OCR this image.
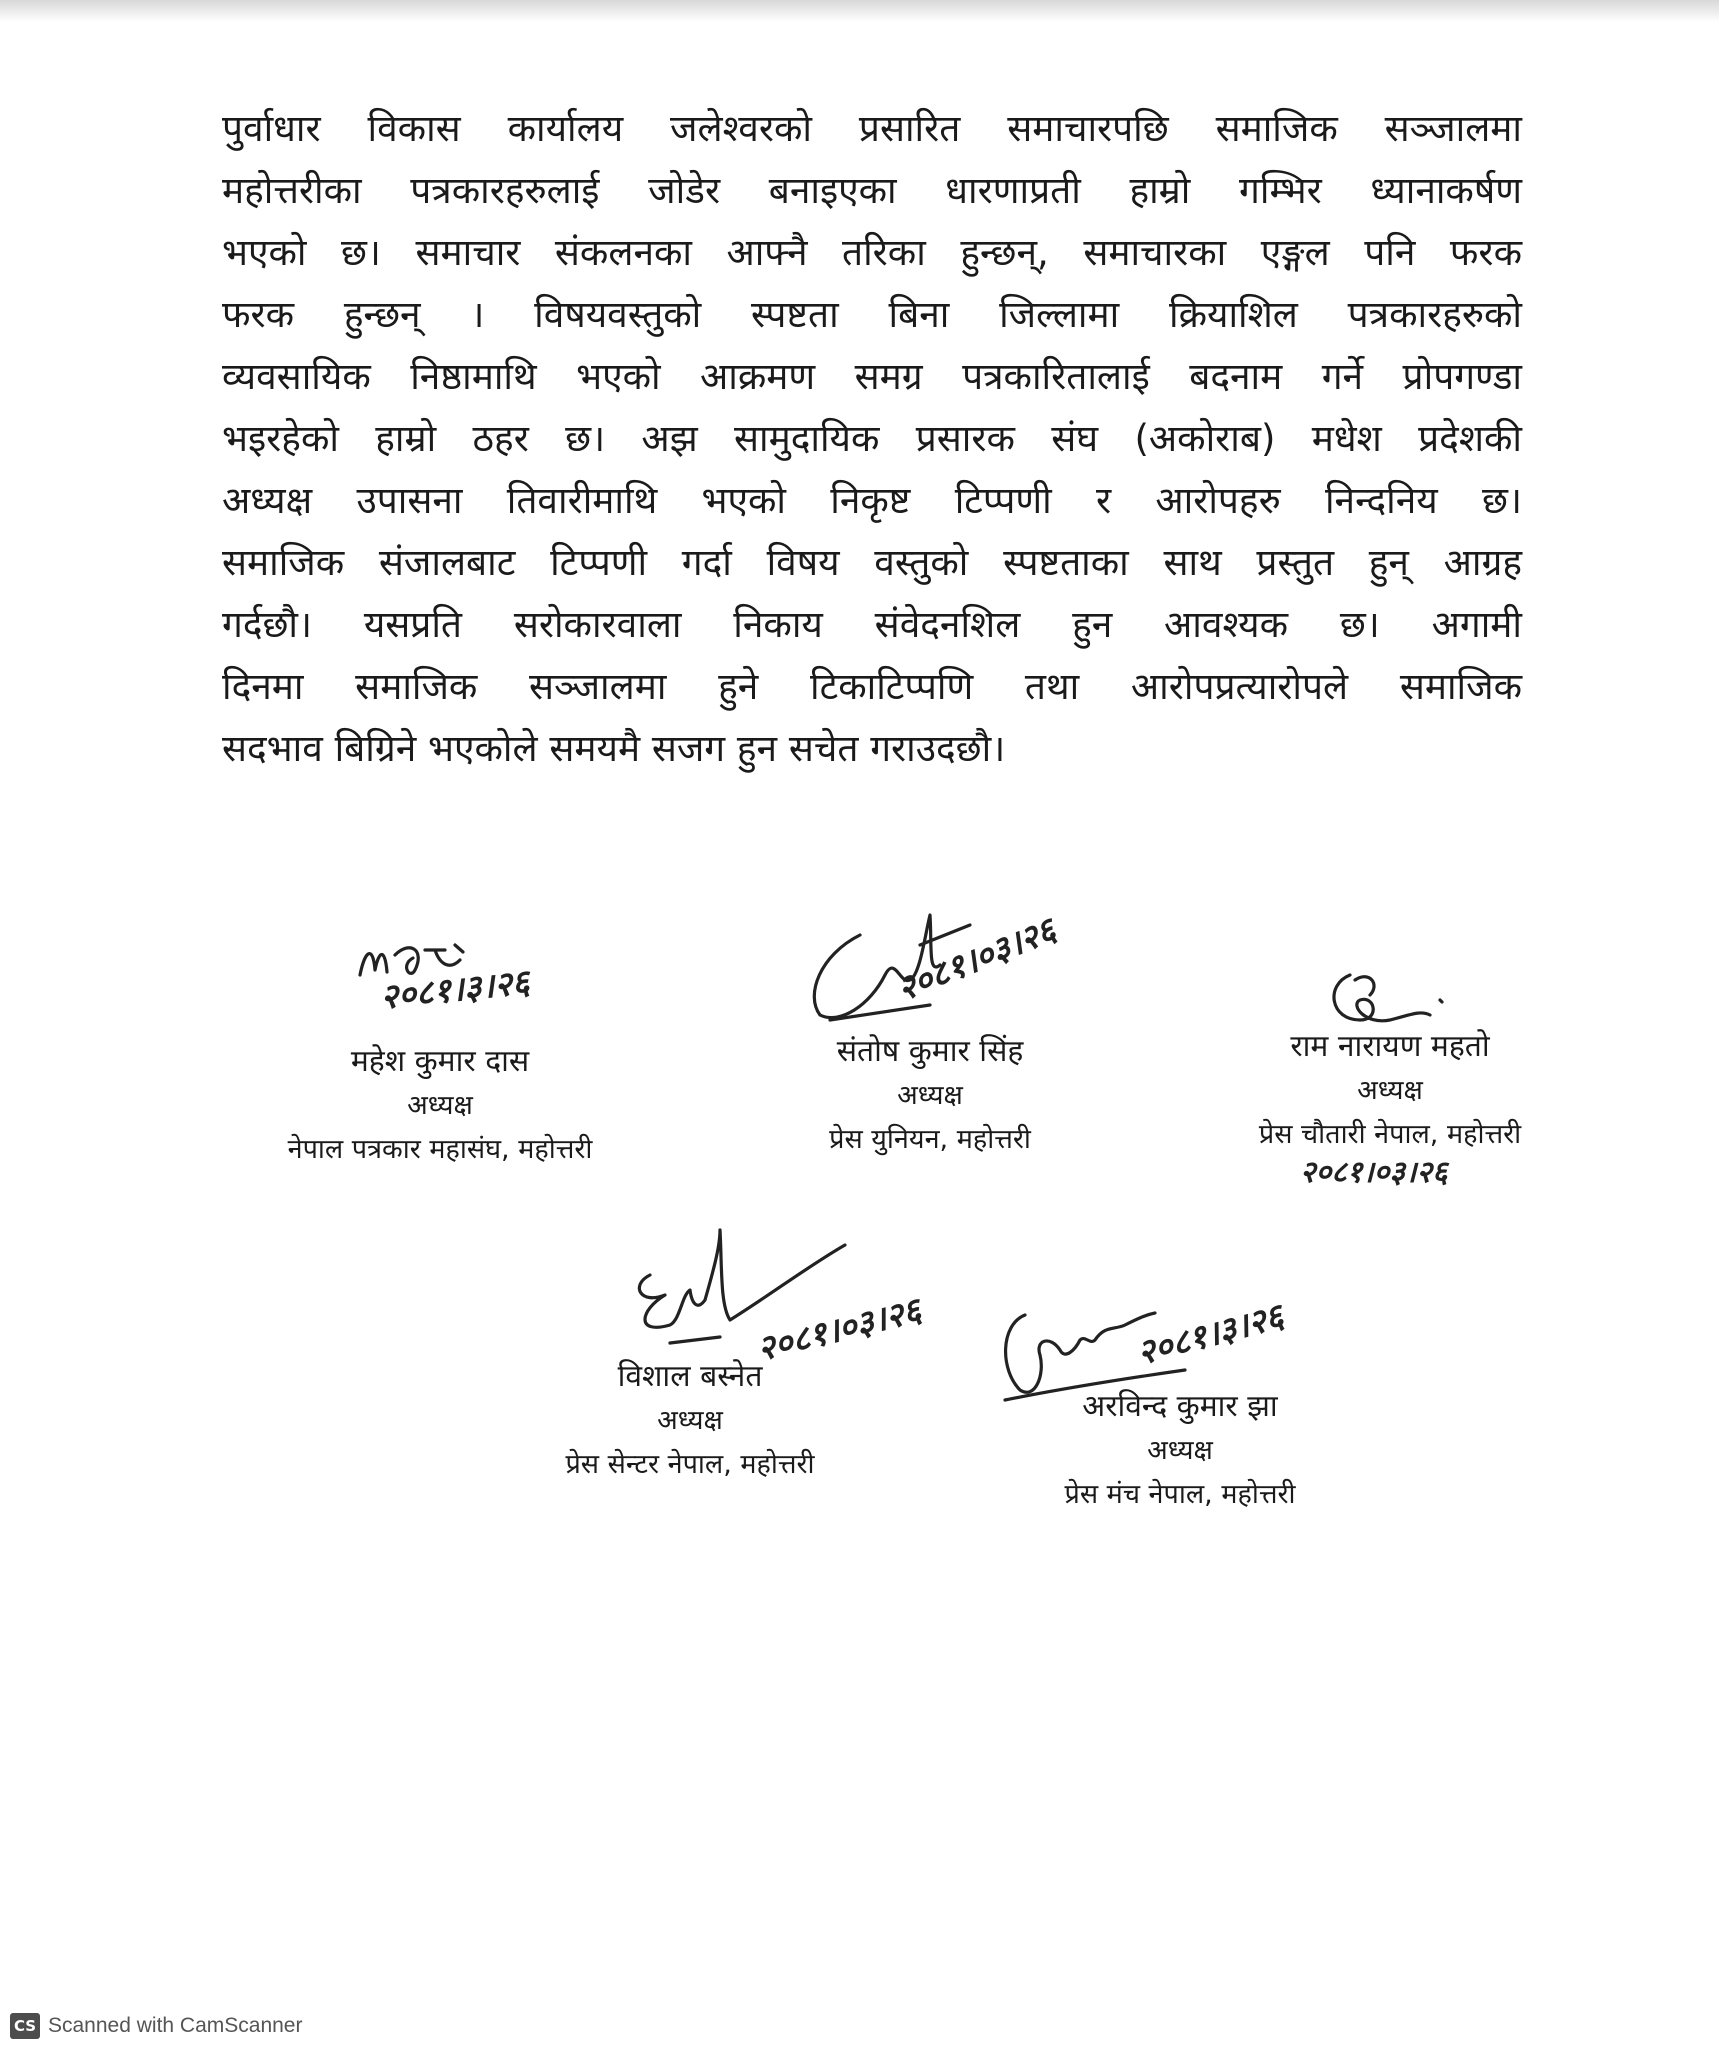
पुर्वाधार विकास कार्यालय जलेश्वरको प्रसारित समाचारपछि समाजिक सञ्जालमा
महोत्तरीका पत्रकारहरुलाई जोडेर बनाइएका धारणाप्रती हाम्रो गम्भिर ध्यानाकर्षण
भएको छ। समाचार संकलनका आफ्नै तरिका हुन्छन्, समाचारका एङ्गल पनि फरक
फरक हुन्छन् । विषयवस्तुको स्पष्टता बिना जिल्लामा क्रियाशिल पत्रकारहरुको
व्यवसायिक निष्ठामाथि भएको आक्रमण समग्र पत्रकारितालाई बदनाम गर्ने प्रोपगण्डा
भइरहेको हाम्रो ठहर छ। अझ सामुदायिक प्रसारक संघ (अकोराब) मधेश प्रदेशकी
अध्यक्ष उपासना तिवारीमाथि भएको निकृष्ट टिप्पणी र आरोपहरु निन्दनिय छ।
समाजिक संजालबाट टिप्पणी गर्दा विषय वस्तुको स्पष्टताका साथ प्रस्तुत हुन् आग्रह
गर्दछौ। यसप्रति सरोकारवाला निकाय संवेदनशिल हुन आवश्यक छ। अगामी
दिनमा समाजिक सञ्जालमा हुने टिकाटिप्पणि तथा आरोपप्रत्यारोपले समाजिक
सदभाव बिग्रिने भएकोले समयमै सजग हुन सचेत गराउदछौ।
२०८१।३।२६
महेश कुमार दास
अध्यक्ष
नेपाल पत्रकार महासंघ, महोत्तरी
२०८१।०३।२६
संतोष कुमार सिंह
अध्यक्ष
प्रेस युनियन, महोत्तरी
राम नारायण महतो
अध्यक्ष
प्रेस चौतारी नेपाल, महोत्तरी
२०८१।०३।२६
२०८१।०३।२६
विशाल बस्नेत
अध्यक्ष
प्रेस सेन्टर नेपाल, महोत्तरी
२०८१।३।२६
अरविन्द कुमार झा
अध्यक्ष
प्रेस मंच नेपाल, महोत्तरी
CS Scanned with CamScanner
